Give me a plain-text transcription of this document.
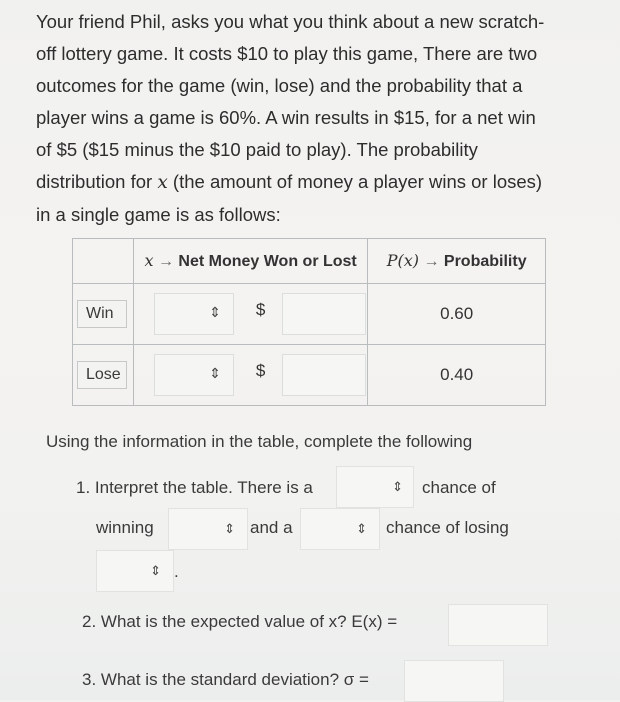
Your friend Phil, asks you what you think about a new scratch-
off lottery game. It costs $10 to play this game, There are two
outcomes for the game (win, lose) and the probability that a
player wins a game is 60%. A win results in $15, for a net win
of $5 ($15 minus the $10 paid to play). The probability
distribution for x (the amount of money a player wins or loses)
in a single game is as follows:
	x → Net Money Won or Lost	P(x) → Probability

Win	⇕ $	0.60

Lose	⇕ $	0.40
Using the information in the table, complete the following
1. Interpret the table. There is a	⇕ chance of
winning	⇕ and a	⇕ chance of losing
⇕ .
2. What is the expected value of x? E(x) =
3. What is the standard deviation? σ =
